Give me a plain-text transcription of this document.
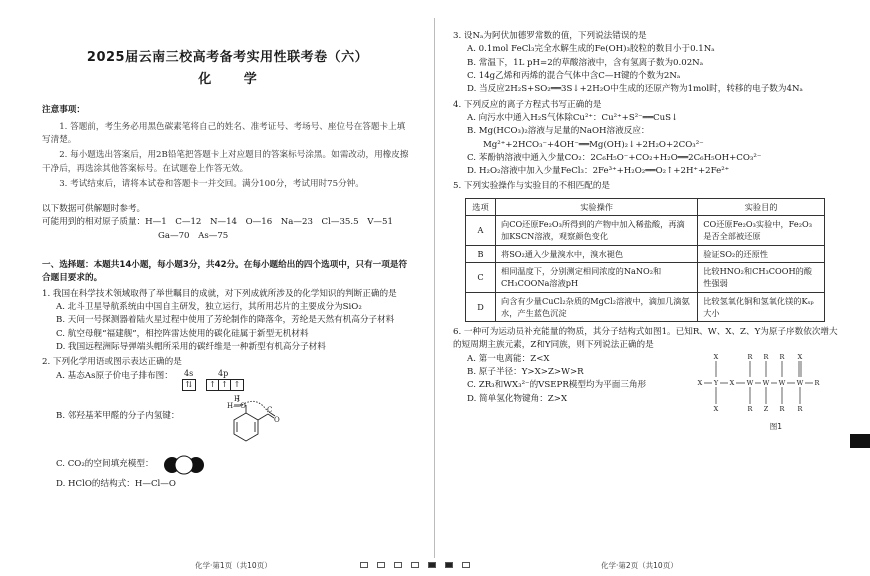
2025届云南三校高考备考实用性联考卷（六）
化 学
注意事项：

1. 答题前，考生务必用黑色碳素笔将自己的姓名、准考证号、考场号、座位号在答题卡上填写清楚。

2. 每小题选出答案后，用2B铅笔把答题卡上对应题目的答案标号涂黑。如需改动，用橡皮擦干净后，再选涂其他答案标号。在试题卷上作答无效。

3. 考试结束后，请将本试卷和答题卡一并交回。满分100分，考试用时75分钟。

以下数据可供解题时参考。
可能用到的相对原子质量：H—1　C—12　N—14　O—16　Na—23　Cl—35.5　V—51
Ga—70　As—75
一、选择题：本题共14小题，每小题3分，共42分。在每小题给出的四个选项中，只有一项是符合题目要求的。
1. 我国在科学技术领域取得了举世瞩目的成就，对下列成就所涉及的化学知识的判断正确的是
A. 北斗卫星导航系统由中国自主研发，独立运行，其所用芯片的主要成分为SiO₂
B. 天问一号探测器着陆火星过程中使用了芳纶制作的降落伞，芳纶是天然有机高分子材料
C. 航空母舰“福建舰”，相控阵雷达使用的碳化硅属于新型无机材料
D. 我国远程洲际导弹端头帽所采用的碳纤维是一种新型有机高分子材料
2. 下列化学用语或图示表达正确的是
A. 基态As原子价电子排布图： 4s	4p
⇅	↑ ↑ ↑
B. 邻羟基苯甲醛的分子内氢键：
H
H—O
O
C
C. CO₂的空间填充模型：
D. HClO的结构式：H—Cl—O
化学·第1页（共10页）
3. 设Nₐ为阿伏加德罗常数的值，下列说法错误的是
A. 0.1mol FeCl₃完全水解生成的Fe(OH)₃胶粒的数目小于0.1Nₐ
B. 常温下，1L pH=2的草酸溶液中，含有氢离子数为0.02Nₐ
C. 14g乙烯和丙烯的混合气体中含C—H键的个数为2Nₐ
D. 当反应2H₂S+SO₂══3S↓+2H₂O中生成的还原产物为1mol时，转移的电子数为4Nₐ
4. 下列反应的离子方程式书写正确的是
A. 向污水中通入H₂S气体除Cu²⁺：Cu²⁺+S²⁻══CuS↓
B. Mg(HCO₃)₂溶液与足量的NaOH溶液反应：Mg²⁺+2HCO₃⁻+4OH⁻══Mg(OH)₂↓+2H₂O+2CO₃²⁻
C. 苯酚钠溶液中通入少量CO₂：2C₆H₅O⁻+CO₂+H₂O══2C₆H₅OH+CO₃²⁻
D. H₂O₂溶液中加入少量FeCl₃：2Fe³⁺+H₂O₂══O₂↑+2H⁺+2Fe²⁺
5. 下列实验操作与实验目的不相匹配的是
选项	实验操作	实验目的
A	向CO还原Fe₂O₃所得到的产物中加入稀盐酸，再滴加KSCN溶液，观察颜色变化	CO还原Fe₂O₃实验中，Fe₂O₃是否全部被还原
B	将SO₂通入少量溴水中，溴水褪色	验证SO₂的还原性
C	相同温度下，分别测定相同浓度的NaNO₂和CH₃COONa溶液pH	比较HNO₂和CH₃COOH的酸性强弱
D	向含有少量CuCl₂杂质的MgCl₂溶液中，滴加几滴氨水，产生蓝色沉淀	比较氢氧化铜和氢氧化镁的Kₛₚ大小
6. 一种可为运动员补充能量的物质，其分子结构式如图1。已知R、W、X、Z、Y为原子序数依次增大的短周期主族元素，Z和Y同族，则下列说法正确的是
A. 第一电离能：Z<X
B. 原子半径：Y>X>Z>W>R
C. ZR₃和WX₃²⁻的VSEPR模型均为平面三角形
D. 简单氢化物键角：Z>X
X Y X W W W W R
X
X
R
R
R
Z
R
R
X
R
图1
化学·第2页（共10页）
